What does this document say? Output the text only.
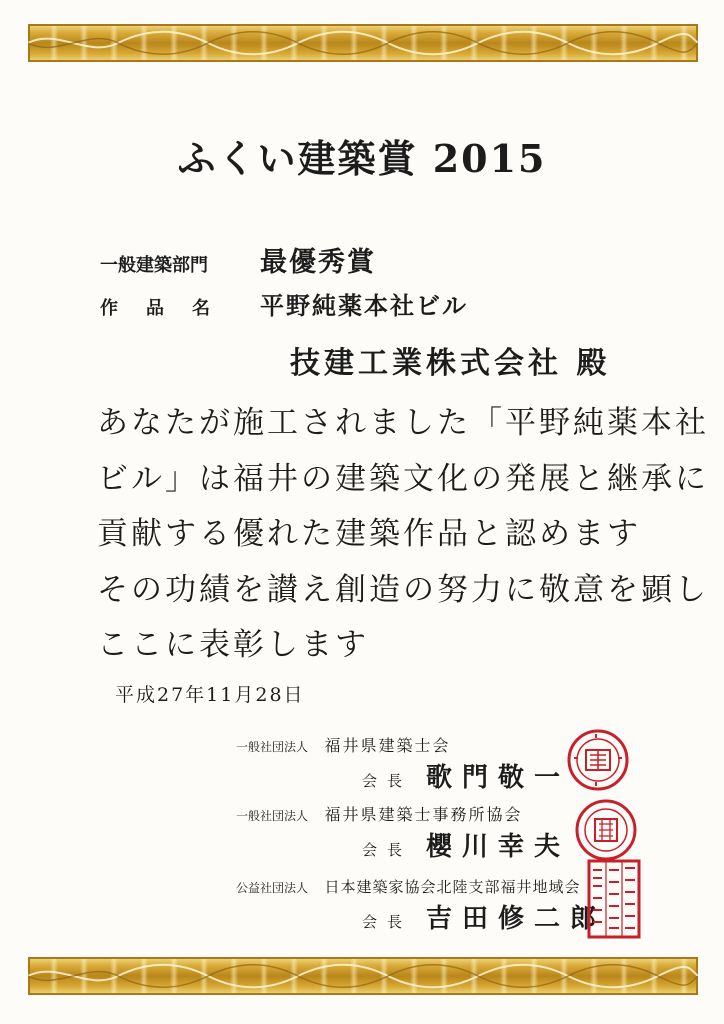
ふくい建築賞 2015
一般建築部門	最優秀賞
作品名 平野純薬本社ビル
技建工業株式会社 殿
あなたが施工されました「平野純薬本社
ビル」は福井の建築文化の発展と継承に
貢献する優れた建築作品と認めます
その功績を讃え創造の努力に敬意を顕し
ここに表彰します
平成27年11月28日
一般社団法人 福井県建築士会
会長 歌門敬一
一般社団法人 福井県建築士事務所協会
会長 櫻川幸夫
公益社団法人 日本建築家協会北陸支部福井地域会
会長 吉田修二郎
